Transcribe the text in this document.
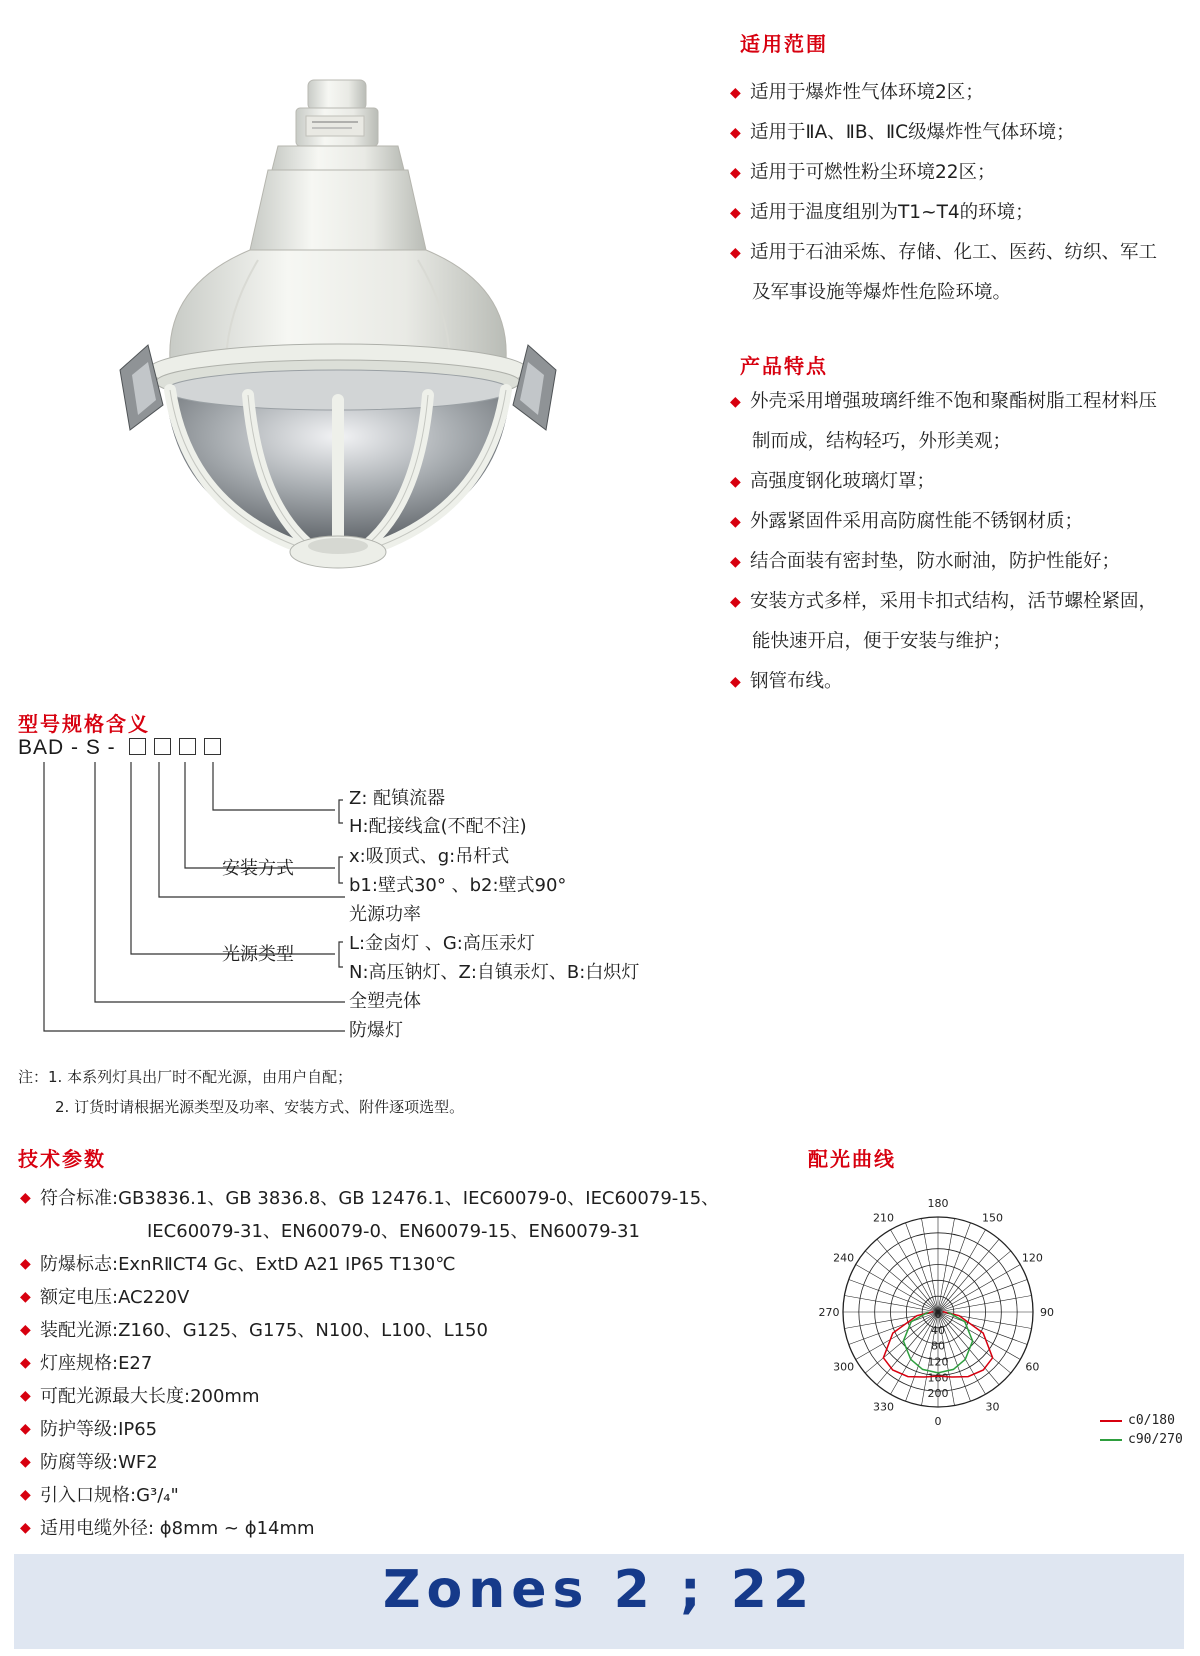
适用范围
◆ 适用于爆炸性气体环境2区；
◆ 适用于ⅡA、ⅡB、ⅡC级爆炸性气体环境；
◆ 适用于可燃性粉尘环境22区；
◆ 适用于温度组别为T1~T4的环境；
◆ 适用于石油采炼、存储、化工、医药、纺织、军工
及军事设施等爆炸性危险环境。
产品特点
◆ 外壳采用增强玻璃纤维不饱和聚酯树脂工程材料压
制而成，结构轻巧，外形美观；
◆ 高强度钢化玻璃灯罩；
◆ 外露紧固件采用高防腐性能不锈钢材质；
◆ 结合面装有密封垫，防水耐油，防护性能好；
◆ 安装方式多样，采用卡扣式结构，活节螺栓紧固，
能快速开启，便于安装与维护；
◆ 钢管布线。
型号规格含义
BAD - S -
Z: 配镇流器
H:配接线盒(不配不注)
安装方式
x:吸顶式、g:吊杆式
b1:壁式30° 、b2:壁式90°
光源功率
光源类型
L:金卤灯 、G:高压汞灯
N:高压钠灯、Z:自镇汞灯、B:白炽灯
全塑壳体
防爆灯
注：1. 本系列灯具出厂时不配光源，由用户自配；
2. 订货时请根据光源类型及功率、安装方式、附件逐项选型。
技术参数
◆ 符合标准:GB3836.1、GB 3836.8、GB 12476.1、IEC60079-0、IEC60079-15、
IEC60079-31、EN60079-0、EN60079-15、EN60079-31
◆ 防爆标志:ExnRⅡCT4 Gc、ExtD A21 IP65 T130℃
◆ 额定电压:AC220V
◆ 装配光源:Z160、G125、G175、N100、L100、L150
◆ 灯座规格:E27
◆ 可配光源最大长度:200mm
◆ 防护等级:IP65
◆ 防腐等级:WF2
◆ 引入口规格:G³/₄"
◆ 适用电缆外径: ϕ8mm ~ ϕ14mm
配光曲线
180
150
120
90
60
30
0
330
300
270
240
210
0
40
80
120
160
200
c0/180
c90/270
Zones 2 ; 22
